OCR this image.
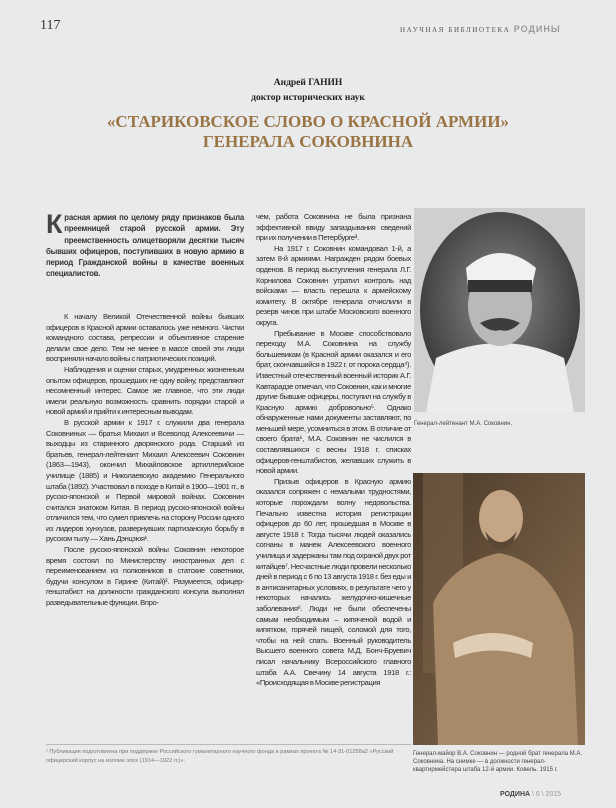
117	НАУЧНАЯ БИБЛИОТЕКА РОДИНЫ
Андрей ГАНИН
доктор исторических наук
«СТАРИКОВСКОЕ СЛОВО О КРАСНОЙ АРМИИ»
ГЕНЕРАЛА СОКОВНИНА
Красная армия по целому ряду признаков была преемницей старой русской армии. Эту преемственность олицетворяли десятки тысяч бывших офицеров, поступивших в новую армию в период Гражданской войны в качестве военных специалистов.

К началу Великой Отечественной войны бывших офицеров в Красной армии оставалось уже немного. Чистки командного состава, репрессии и объективное старение делали свое дело. Тем не менее в массе своей эти люди восприняли начало войны с патриотических позиций.

Наблюдения и оценки старых, умудренных жизненным опытом офицеров, прошедших не одну войну, представляют несомненный интерес. Самое же главное, что эти люди имели реальную возможность сравнить порядки старой и новой армий и прийти к интересным выводам.

В русской армии к 1917 г. служили два генерала Соковниных — братья Михаил и Всеволод Алексеевичи — выходцы из старинного дворянского рода. Старший из братьев, генерал-лейтенант Михаил Алексеевич Соковнин (1863—1943), окончил Михайловское артиллерийское училище (1885) и Николаевскую академию Генерального штаба (1892). Участвовал в походе в Китай в 1900—1901 гг., в русско-японской и Первой мировой войнах. Соковнин считался знатоком Китая. В период русско-японской войны отличился тем, что сумел привлечь на сторону России одного из лидеров хунхузов, развернувших партизанскую борьбу в русском тылу — Хань Дэнцзюя¹.

После русско-японской войны Соковнин некоторое время состоял по Министерству иностранных дел с переименованием из полковников в статские советники, будучи консулом в Гирине (Китай)². Разумеется, офицер-генштабист на должности гражданского консула выполнял разведывательные функции. Впро-

чем, работа Соковнина не была признана эффективной ввиду запаздывания сведений при их получении в Петербурге³.

На 1917 г. Соковнин командовал 1-й, а затем 8-й армиями. Награжден рядом боевых орденов. В период выступления генерала Л.Г. Корнилова Соковнин утратил контроль над войсками — власть перешла к армейскому комитету. В октябре генерала отчислили в резерв чинов при штабе Московского военного округа.

Пребывание в Москве способствовало переходу М.А. Соковнина на службу большевикам (в Красной армии оказался и его брат, скончавшийся в 1922 г. от порока сердца⁴). Известный отечественный военный историк А.Г. Кавтарадзе отмечал, что Соковнин, как и многие другие бывшие офицеры, поступил на службу в Красную армию добровольно⁵. Однако обнаруженные нами документы заставляют, по меньшей мере, усомниться в этом. В отличие от своего брата⁶, М.А. Соковнин не числился в составлявшихся с весны 1918 г. списках офицеров-генштабистов, желавших служить в новой армии.

Призыв офицеров в Красную армию оказался сопряжен с немалыми трудностями, которые порождали волну недовольства. Печально известна история регистрации офицеров до 60 лет, прошедшая в Москве в августе 1918 г. Тогда тысячи людей оказались согнаны в манеж Алексеевского военного училища и задержаны там под охраной двух рот китайцев⁷. Несчастные люди провели несколько дней в период с 6 по 13 августа 1918 г. без еды и в антисанитарных условиях, в результате чего у некоторых начались желудочно-кишечные заболевания⁸. Люди не были обеспечены самым необходимым – кипяченой водой и кипятком, горячей пищей, соломой для того, чтобы на ней спать. Военный руководитель Высшего военного совета М.Д. Бонч-Бруевич писал начальнику Всероссийского главного штаба А.А. Свечину 14 августа 1918 г.: «Происходящая в Москве регистрация

Генерал-лейтенант М.А. Соковнин.
Генерал-майор В.А. Соковнин — родной брат генерала М.А. Соковнина. На снимке — в должности генерал-квартирмейстера штаба 12-й армии. Ковель. 1915 г.
¹ Публикация подготовлена при поддержке Российского гуманитарного научного фонда в рамках проекта № 14-31-01258а2 «Русский офицерский корпус на изломе эпох (1914—1922 гг.)».
РОДИНА \ 6 \ 2015
